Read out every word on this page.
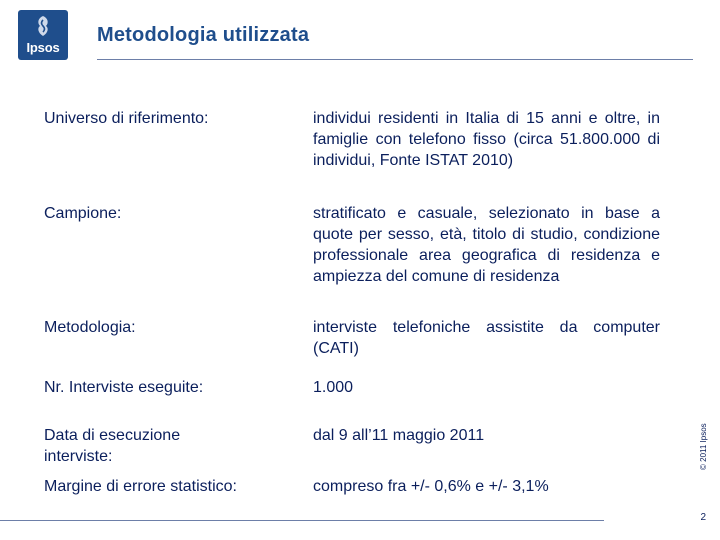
Ipsos
Metodologia utilizzata
Universo di riferimento:	individui residenti in Italia di 15 anni e oltre, in famiglie con telefono fisso (circa 51.800.000 di individui, Fonte ISTAT 2010)
Campione:	stratificato e casuale, selezionato in base a quote per sesso, età, titolo di studio, condizione professionale area geografica di residenza e ampiezza del comune di residenza
Metodologia:	interviste telefoniche assistite da computer (CATI)
Nr. Interviste eseguite:	1.000
Data di esecuzione interviste:
dal 9 all’11 maggio 2011
Margine di errore statistico:	compreso fra +/- 0,6% e +/- 3,1%
© 2011 Ipsos
2
